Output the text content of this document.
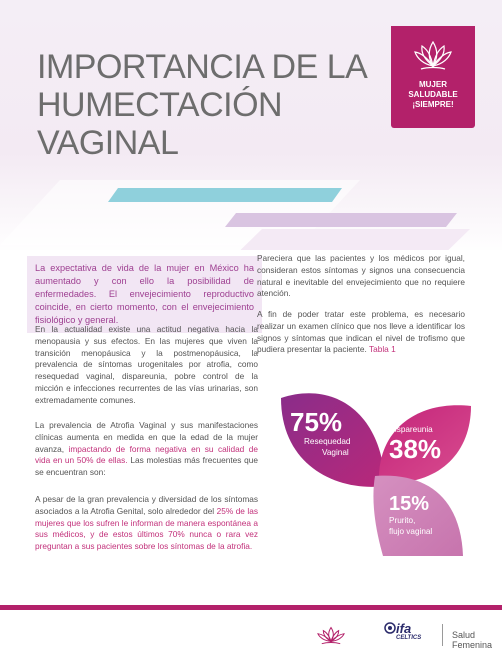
IMPORTANCIA DE LA
HUMECTACIÓN VAGINAL
MUJER
SALUDABLE
¡SIEMPRE!
La expectativa de vida de la mujer en México ha aumentado y con ello la posibilidad de enfermedades. El envejecimiento reproductivo coincide, en cierto momento, con el envejecimiento fisiológico y general.
En la actualidad existe una actitud negativa hacia la menopausia y sus efectos. En las mujeres que viven la transición menopáusica y la postmenopáusica, la prevalencia de síntomas urogenitales por atrofia, como resequedad vaginal, dispareunia, pobre control de la micción e infecciones recurrentes de las vías urinarias, son extremadamente comunes.
La prevalencia de Atrofia Vaginal y sus manifestaciones clínicas aumenta en medida en que la edad de la mujer avanza, impactando de forma negativa en su calidad de vida en un 50% de ellas. Las molestias más frecuentes que se encuentran son:
A pesar de la gran prevalencia y diversidad de los síntomas asociados a la Atrofia Genital, solo alrededor del 25% de las mujeres que los sufren le informan de manera espontánea a sus médicos, y de estos últimos 70% nunca o rara vez preguntan a sus pacientes sobre los síntomas de la atrofia.
Pareciera que las pacientes y los médicos por igual, consideran estos síntomas y signos una consecuencia natural e inevitable del envejecimiento que no requiere atención.
A fin de poder tratar este problema, es necesario realizar un examen clínico que nos lleve a identificar los signos y síntomas que indican el nivel de trofismo que pudiera presentar la paciente. Tabla 1
75%
Resequedad
Vaginal
Dispareunia
38%
15%
Prurito,
flujo vaginal
ifa
CELTICS	Salud Femenina
